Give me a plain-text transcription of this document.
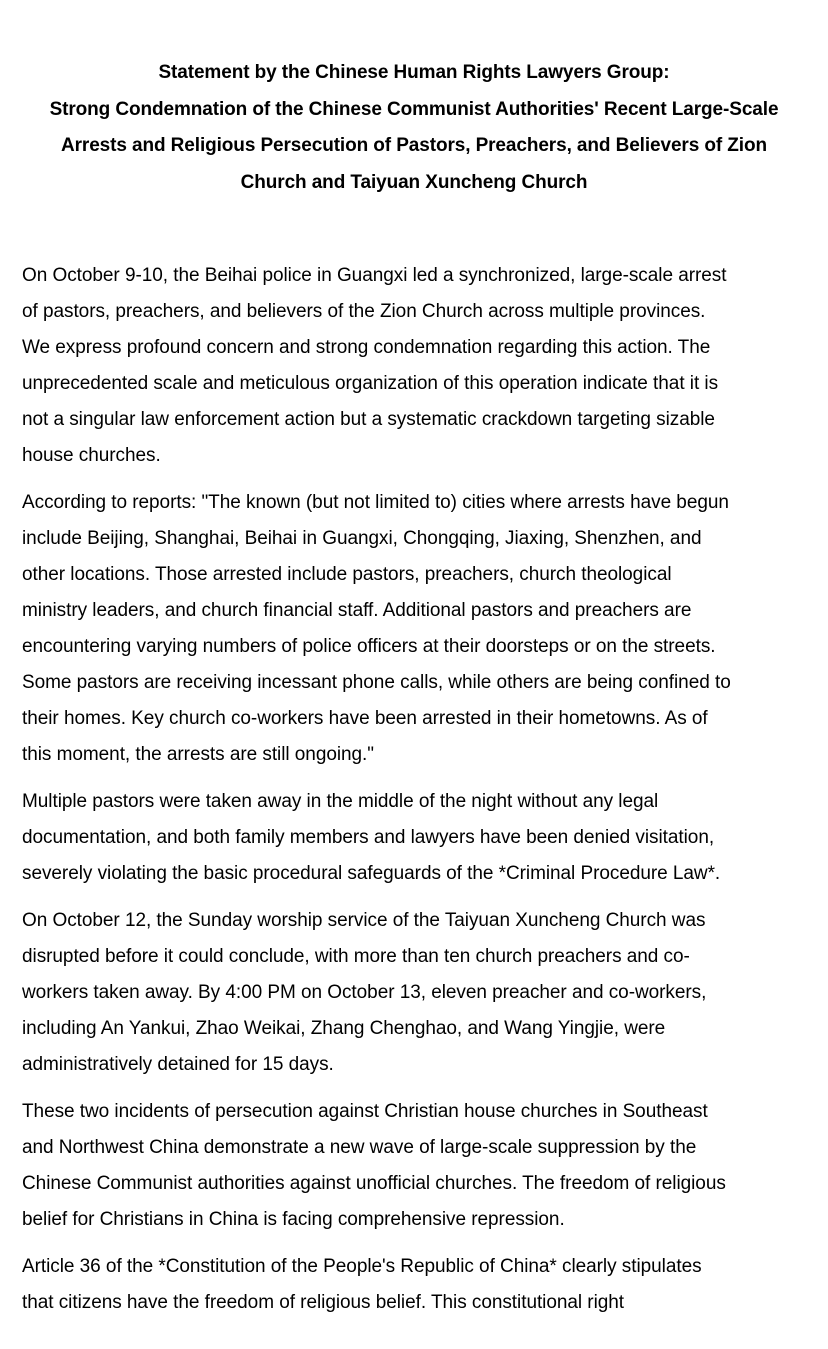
Statement by the Chinese Human Rights Lawyers Group:
Strong Condemnation of the Chinese Communist Authorities' Recent Large-Scale
Arrests and Religious Persecution of Pastors, Preachers, and Believers of Zion
Church and Taiyuan Xuncheng Church
On October 9-10, the Beihai police in Guangxi led a synchronized, large-scale arrest
of pastors, preachers, and believers of the Zion Church across multiple provinces.
We express profound concern and strong condemnation regarding this action. The
unprecedented scale and meticulous organization of this operation indicate that it is
not a singular law enforcement action but a systematic crackdown targeting sizable
house churches.
According to reports: "The known (but not limited to) cities where arrests have begun
include Beijing, Shanghai, Beihai in Guangxi, Chongqing, Jiaxing, Shenzhen, and
other locations. Those arrested include pastors, preachers, church theological
ministry leaders, and church financial staff. Additional pastors and preachers are
encountering varying numbers of police officers at their doorsteps or on the streets.
Some pastors are receiving incessant phone calls, while others are being confined to
their homes. Key church co-workers have been arrested in their hometowns. As of
this moment, the arrests are still ongoing."
Multiple pastors were taken away in the middle of the night without any legal
documentation, and both family members and lawyers have been denied visitation,
severely violating the basic procedural safeguards of the *Criminal Procedure Law*.
On October 12, the Sunday worship service of the Taiyuan Xuncheng Church was
disrupted before it could conclude, with more than ten church preachers and co-
workers taken away. By 4:00 PM on October 13, eleven preacher and co-workers,
including An Yankui, Zhao Weikai, Zhang Chenghao, and Wang Yingjie, were
administratively detained for 15 days.
These two incidents of persecution against Christian house churches in Southeast
and Northwest China demonstrate a new wave of large-scale suppression by the
Chinese Communist authorities against unofficial churches. The freedom of religious
belief for Christians in China is facing comprehensive repression.
Article 36 of the *Constitution of the People's Republic of China* clearly stipulates
that citizens have the freedom of religious belief. This constitutional right
